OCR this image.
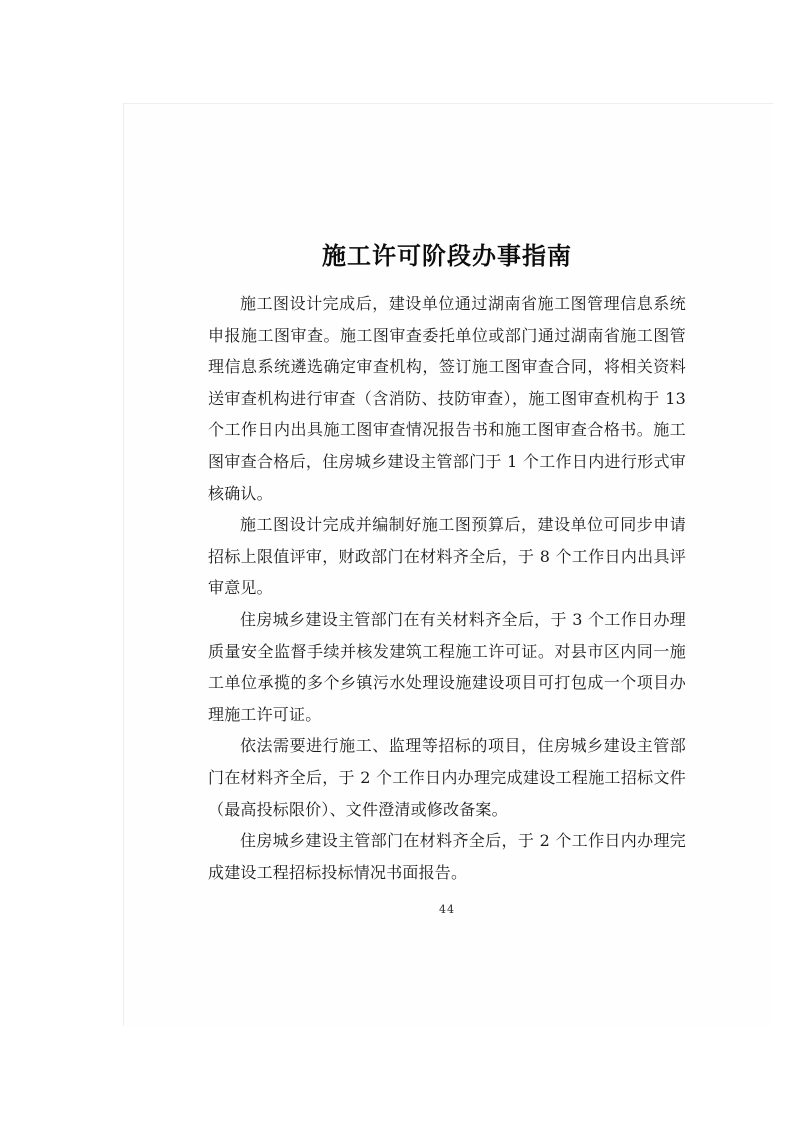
施工许可阶段办事指南

施工图设计完成后，建设单位通过湖南省施工图管理信息系统申报施工图审查。施工图审查委托单位或部门通过湖南省施工图管理信息系统遴选确定审查机构，签订施工图审查合同，将相关资料送审查机构进行审查（含消防、技防审查），施工图审查机构于 13 个工作日内出具施工图审查情况报告书和施工图审查合格书。施工图审查合格后，住房城乡建设主管部门于 1 个工作日内进行形式审核确认。

施工图设计完成并编制好施工图预算后，建设单位可同步申请招标上限值评审，财政部门在材料齐全后，于 8 个工作日内出具评审意见。

住房城乡建设主管部门在有关材料齐全后，于 3 个工作日办理质量安全监督手续并核发建筑工程施工许可证。对县市区内同一施工单位承揽的多个乡镇污水处理设施建设项目可打包成一个项目办理施工许可证。

依法需要进行施工、监理等招标的项目，住房城乡建设主管部门在材料齐全后，于 2 个工作日内办理完成建设工程施工招标文件（最高投标限价）、文件澄清或修改备案。

住房城乡建设主管部门在材料齐全后，于 2 个工作日内办理完成建设工程招标投标情况书面报告。

44
